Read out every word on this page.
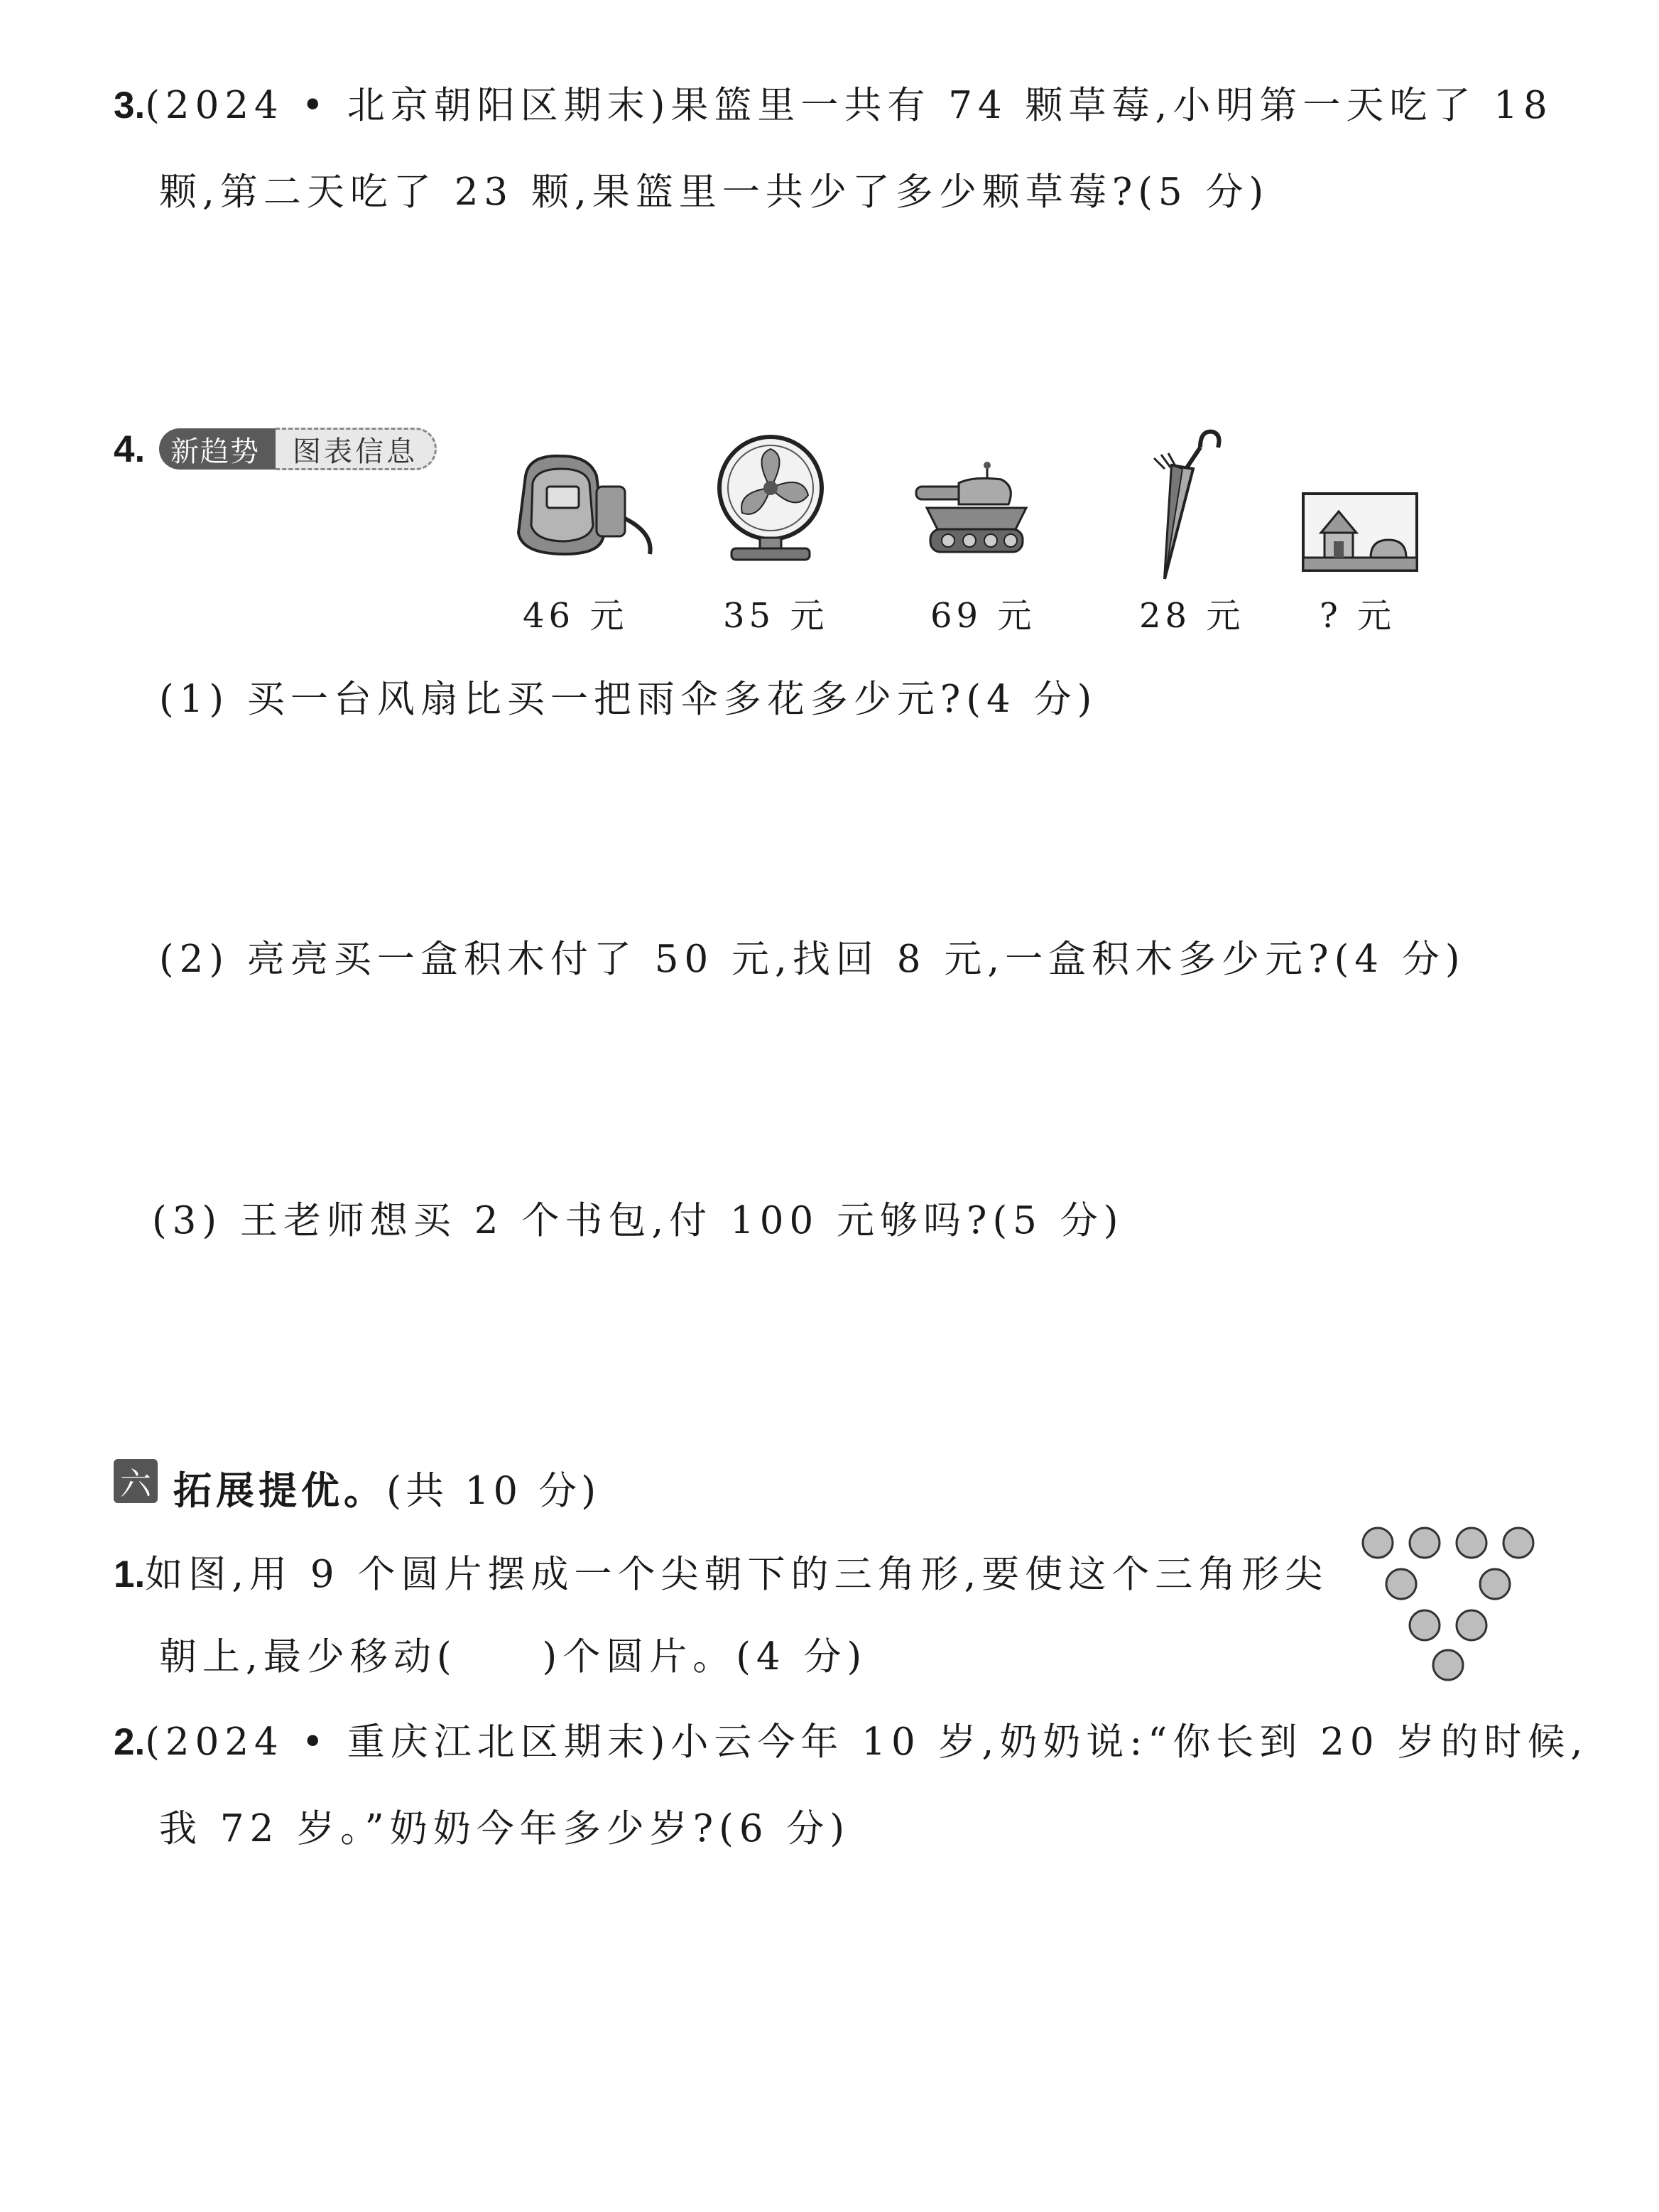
3.(2024 • 北京朝阳区期末)果篮里一共有 74 颗草莓,小明第一天吃了 18
颗,第二天吃了 23 颗,果篮里一共少了多少颗草莓?(5 分)
4. 新趋势	图表信息
46 元	35 元	69 元	28 元 ? 元
(1) 买一台风扇比买一把雨伞多花多少元?(4 分)
(2) 亮亮买一盒积木付了 50 元,找回 8 元,一盒积木多少元?(4 分)
(3) 王老师想买 2 个书包,付 100 元够吗?(5 分)
六 拓展提优。(共 10 分)
1.如图,用 9 个圆片摆成一个尖朝下的三角形,要使这个三角形尖
朝上,最少移动( )个圆片。(4 分)
2.(2024 • 重庆江北区期末)小云今年 10 岁,奶奶说:“你长到 20 岁的时候,
我 72 岁。”奶奶今年多少岁?(6 分)
